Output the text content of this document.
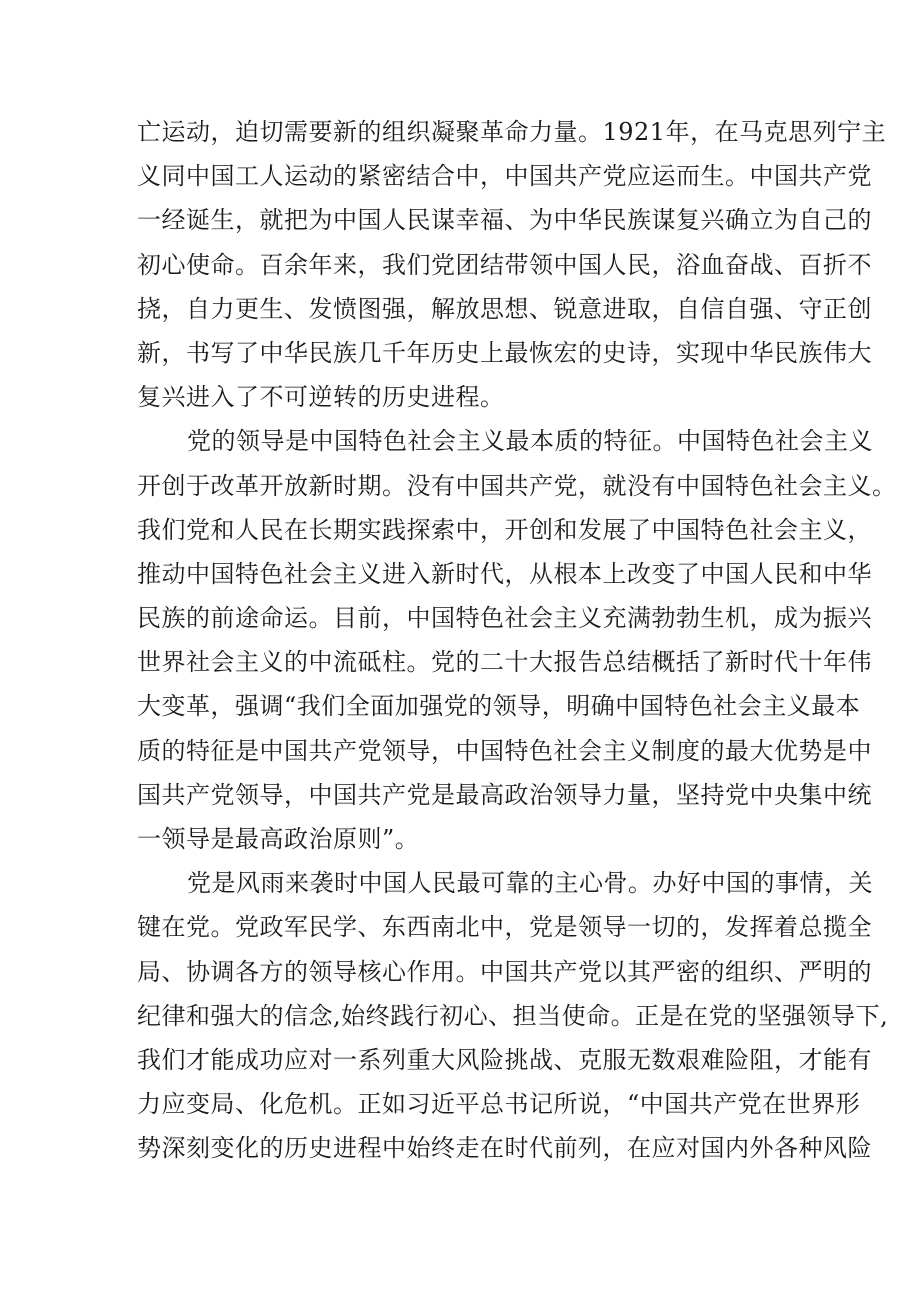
亡运动，迫切需要新的组织凝聚革命力量。1921年，在马克思列宁主
义同中国工人运动的紧密结合中，中国共产党应运而生。中国共产党
一经诞生，就把为中国人民谋幸福、为中华民族谋复兴确立为自己的
初心使命。百余年来，我们党团结带领中国人民，浴血奋战、百折不
挠，自力更生、发愤图强，解放思想、锐意进取，自信自强、守正创
新，书写了中华民族几千年历史上最恢宏的史诗，实现中华民族伟大
复兴进入了不可逆转的历史进程。
党的领导是中国特色社会主义最本质的特征。中国特色社会主义
开创于改革开放新时期。没有中国共产党，就没有中国特色社会主义。
我们党和人民在长期实践探索中，开创和发展了中国特色社会主义，
推动中国特色社会主义进入新时代，从根本上改变了中国人民和中华
民族的前途命运。目前，中国特色社会主义充满勃勃生机，成为振兴
世界社会主义的中流砥柱。党的二十大报告总结概括了新时代十年伟
大变革，强调“我们全面加强党的领导，明确中国特色社会主义最本
质的特征是中国共产党领导，中国特色社会主义制度的最大优势是中
国共产党领导，中国共产党是最高政治领导力量，坚持党中央集中统
一领导是最高政治原则”。
党是风雨来袭时中国人民最可靠的主心骨。办好中国的事情，关
键在党。党政军民学、东西南北中，党是领导一切的，发挥着总揽全
局、协调各方的领导核心作用。中国共产党以其严密的组织、严明的
纪律和强大的信念,始终践行初心、担当使命。正是在党的坚强领导下,
我们才能成功应对一系列重大风险挑战、克服无数艰难险阻，才能有
力应变局、化危机。正如习近平总书记所说，“中国共产党在世界形
势深刻变化的历史进程中始终走在时代前列，在应对国内外各种风险
